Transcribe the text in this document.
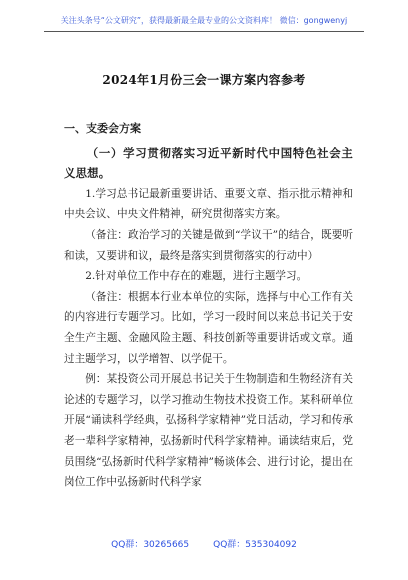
关注头条号“公文研究”，获得最新最全最专业的公文资料库！ 微信：gongwenyj
2024年1月份三会一课方案内容参考

一、支委会方案

（一）学习贯彻落实习近平新时代中国特色社会主义思想。

1.学习总书记最新重要讲话、重要文章、指示批示精神和中央会议、中央文件精神，研究贯彻落实方案。

（备注：政治学习的关键是做到“学议干”的结合，既要听和读，又要讲和议，最终是落实到贯彻落实的行动中）

2.针对单位工作中存在的难题，进行主题学习。

（备注：根据本行业本单位的实际，选择与中心工作有关的内容进行专题学习。比如，学习一段时间以来总书记关于安全生产主题、金融风险主题、科技创新等重要讲话或文章。通过主题学习，以学增智、以学促干。

例：某投资公司开展总书记关于生物制造和生物经济有关论述的专题学习，以学习推动生物技术投资工作。某科研单位开展“诵读科学经典，弘扬科学家精神”党日活动，学习和传承老一辈科学家精神，弘扬新时代科学家精神。诵读结束后，党员围绕“弘扬新时代科学家精神”畅谈体会、进行讨论，提出在岗位工作中弘扬新时代科学家

QQ群：30265665	QQ群：535304092
